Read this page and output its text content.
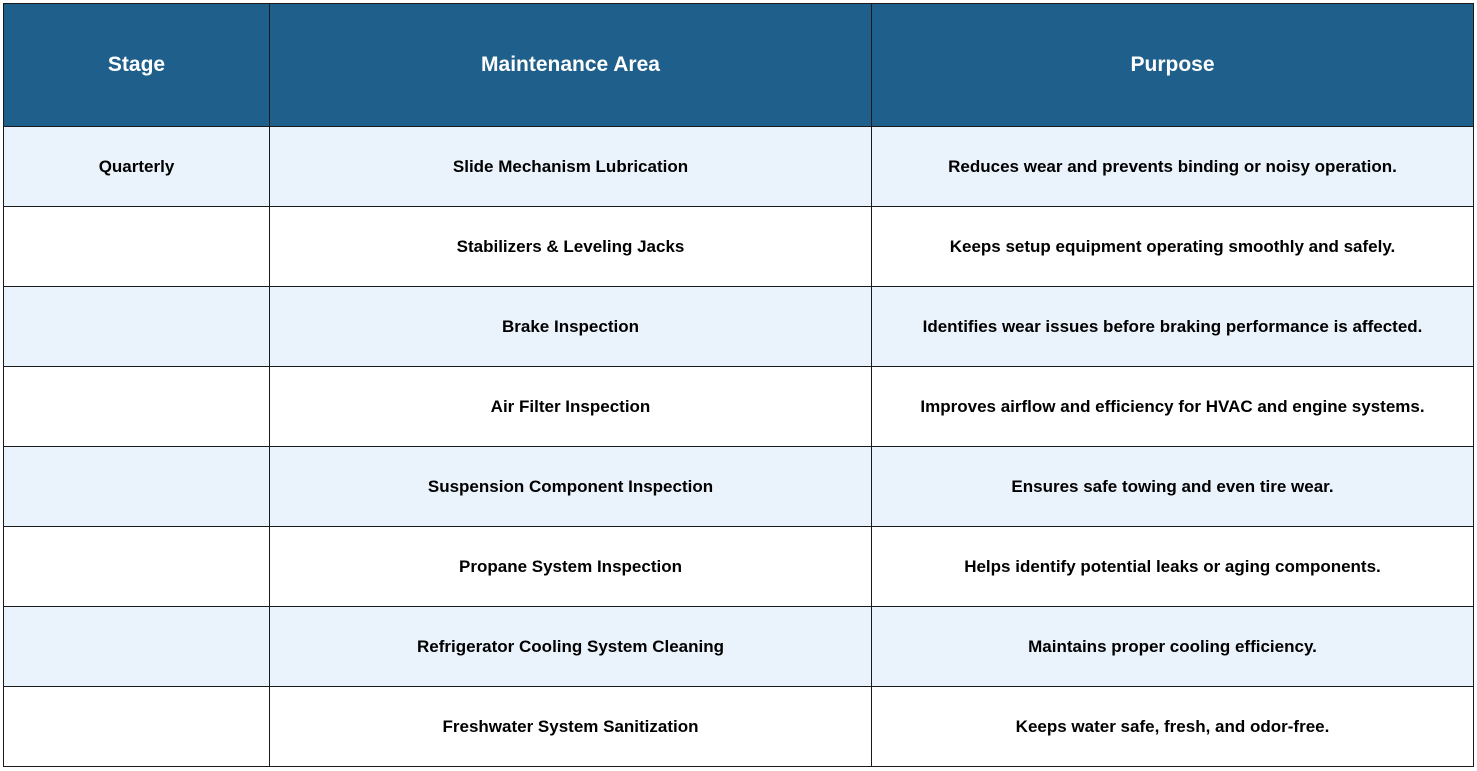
Stage	Maintenance Area	Purpose
Quarterly	Slide Mechanism Lubrication	Reduces wear and prevents binding or noisy operation.
	Stabilizers & Leveling Jacks	Keeps setup equipment operating smoothly and safely.
	Brake Inspection	Identifies wear issues before braking performance is affected.
	Air Filter Inspection	Improves airflow and efficiency for HVAC and engine systems.
	Suspension Component Inspection	Ensures safe towing and even tire wear.
	Propane System Inspection	Helps identify potential leaks or aging components.
	Refrigerator Cooling System Cleaning	Maintains proper cooling efficiency.
	Freshwater System Sanitization	Keeps water safe, fresh, and odor-free.
